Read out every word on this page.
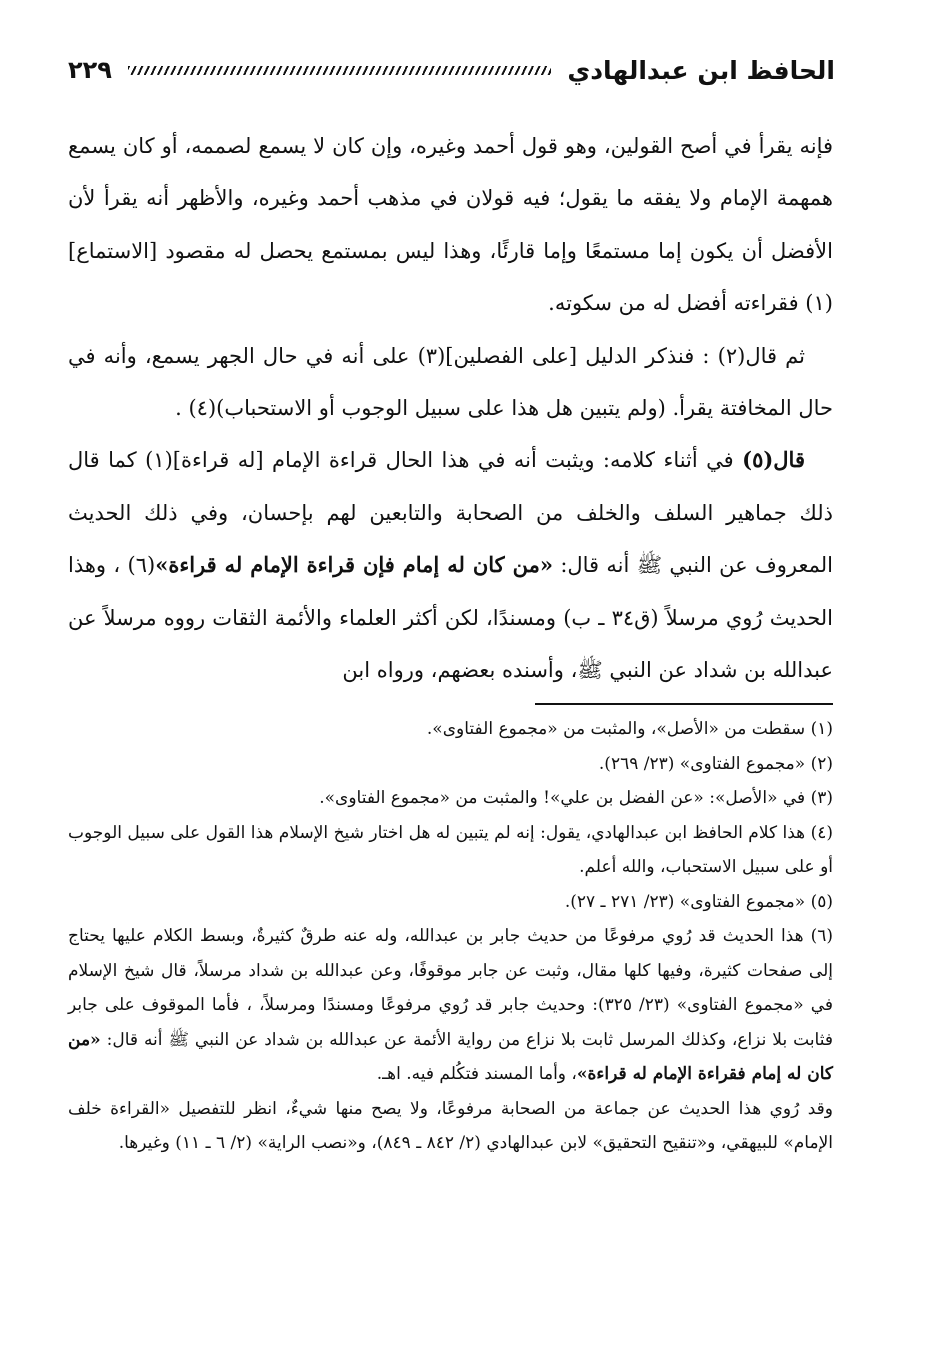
الحافظ ابن عبدالهادي
٢٢٩

فإنه يقرأ في أصح القولين، وهو قول أحمد وغيره، وإن كان لا يسمع لصممه، أو كان يسمع همهمة الإمام ولا يفقه ما يقول؛ فيه قولان في مذهب أحمد وغيره، والأظهر أنه يقرأ لأن الأفضل أن يكون إما مستمعًا وإما قارئًا، وهذا ليس بمستمع يحصل له مقصود [الاستماع](١) فقراءته أفضل له من سكوته.

ثم قال(٢) : فنذكر الدليل [على الفصلين](٣) على أنه في حال الجهر يسمع، وأنه في حال المخافتة يقرأ. (ولم يتبين هل هذا على سبيل الوجوب أو الاستحباب)(٤) .

قال(٥) في أثناء كلامه: ويثبت أنه في هذا الحال قراءة الإمام [له قراءة](١) كما قال ذلك جماهير السلف والخلف من الصحابة والتابعين لهم بإحسان، وفي ذلك الحديث المعروف عن النبي ﷺ أنه قال: «من كان له إمام فإن قراءة الإمام له قراءة»(٦) ، وهذا الحديث رُوي مرسلاً (ق٣٤ ـ ب) ومسندًا، لكن أكثر العلماء والأئمة الثقات رووه مرسلاً عن عبدالله بن شداد عن النبي ﷺ، وأسنده بعضهم، ورواه ابن

(١) سقطت من «الأصل»، والمثبت من «مجموع الفتاوى».

(٢) «مجموع الفتاوى» (٢٣/ ٢٦٩).

(٣) في «الأصل»: «عن الفضل بن علي»! والمثبت من «مجموع الفتاوى».

(٤) هذا كلام الحافظ ابن عبدالهادي، يقول: إنه لم يتبين له هل اختار شيخ الإسلام هذا القول على سبيل الوجوب أو على سبيل الاستحباب، والله أعلم.

(٥) «مجموع الفتاوى» (٢٣/ ٢٧١ ـ ٢٧).

(٦) هذا الحديث قد رُوي مرفوعًا من حديث جابر بن عبدالله، وله عنه طرقٌ كثيرةٌ، وبسط الكلام عليها يحتاج إلى صفحات كثيرة، وفيها كلها مقال، وثبت عن جابر موقوفًا، وعن عبدالله بن شداد مرسلاً، قال شيخ الإسلام في «مجموع الفتاوى» (٢٣/ ٣٢٥): وحديث جابر قد رُوي مرفوعًا ومسندًا ومرسلاً، ، فأما الموقوف على جابر فثابت بلا نزاع، وكذلك المرسل ثابت بلا نزاع من رواية الأئمة عن عبدالله بن شداد عن النبي ﷺ أنه قال: «من كان له إمام فقراءة الإمام له قراءة»، وأما المسند فتكُلم فيه. اهـ.

وقد رُوي هذا الحديث عن جماعة من الصحابة مرفوعًا، ولا يصح منها شيءٌ، انظر للتفصيل «القراءة خلف الإمام» للبيهقي، و«تنقيح التحقيق» لابن عبدالهادي (٢/ ٨٤٢ ـ ٨٤٩)، و«نصب الراية» (٢/ ٦ ـ ١١) وغيرها.
